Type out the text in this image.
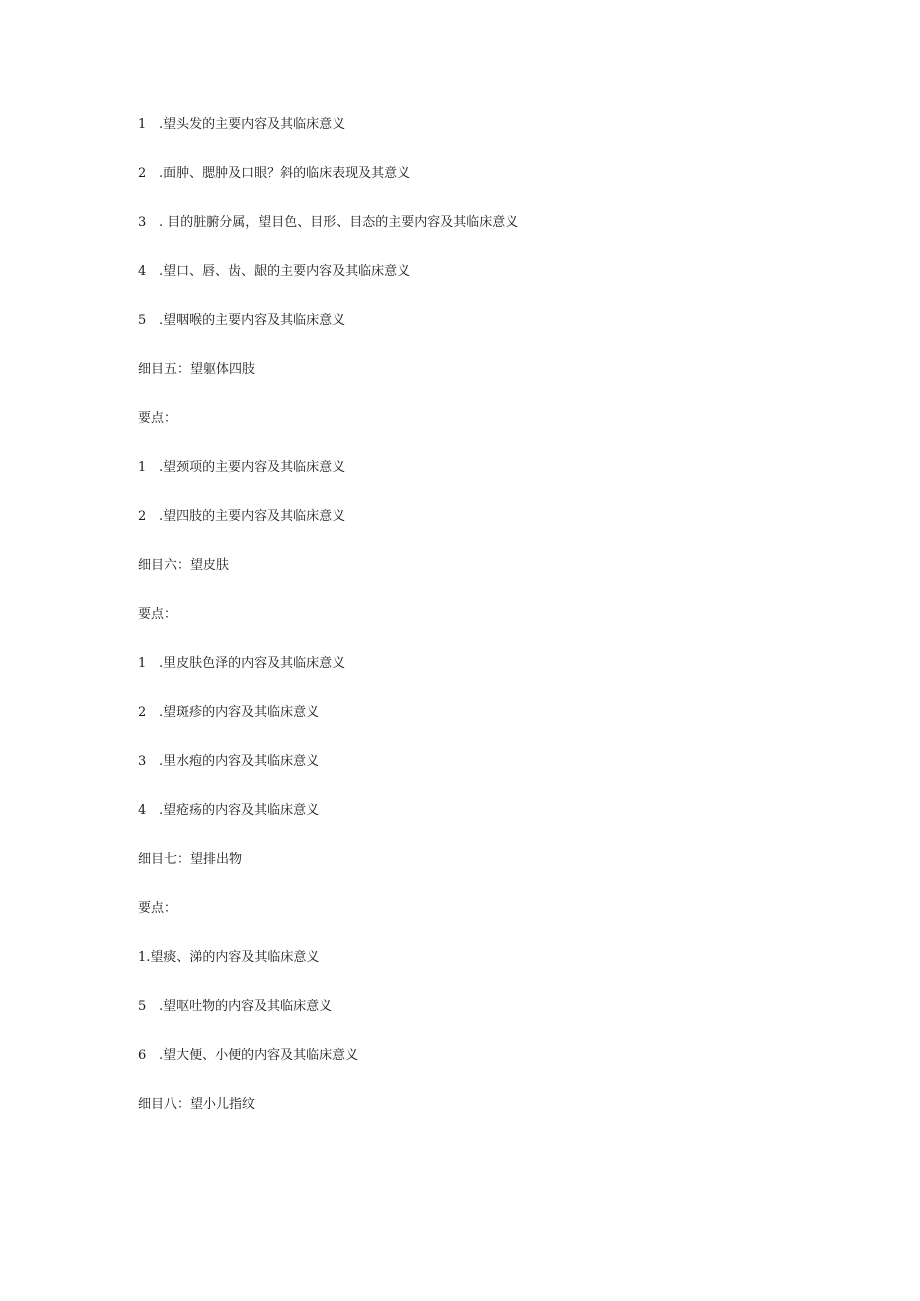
1 .望头发的主要内容及其临床意义
2 .面肿、腮肿及口眼？斜的临床表现及其意义
3 . 目的脏腑分属，望目色、目形、目态的主要内容及其临床意义
4 .望口、唇、齿、龈的主要内容及其临床意义
5 .望咽喉的主要内容及其临床意义
细目五：望躯体四肢
要点：
1 .望颈项的主要内容及其临床意义
2 .望四肢的主要内容及其临床意义
细目六：望皮肤
要点：
1 .里皮肤色泽的内容及其临床意义
2 .望斑疹的内容及其临床意义
3 .里水疱的内容及其临床意义
4 .望疮疡的内容及其临床意义
细目七：望排出物
要点：
1.望痰、涕的内容及其临床意义
5 .望呕吐物的内容及其临床意义
6 .望大便、小便的内容及其临床意义
细目八：望小儿指纹
